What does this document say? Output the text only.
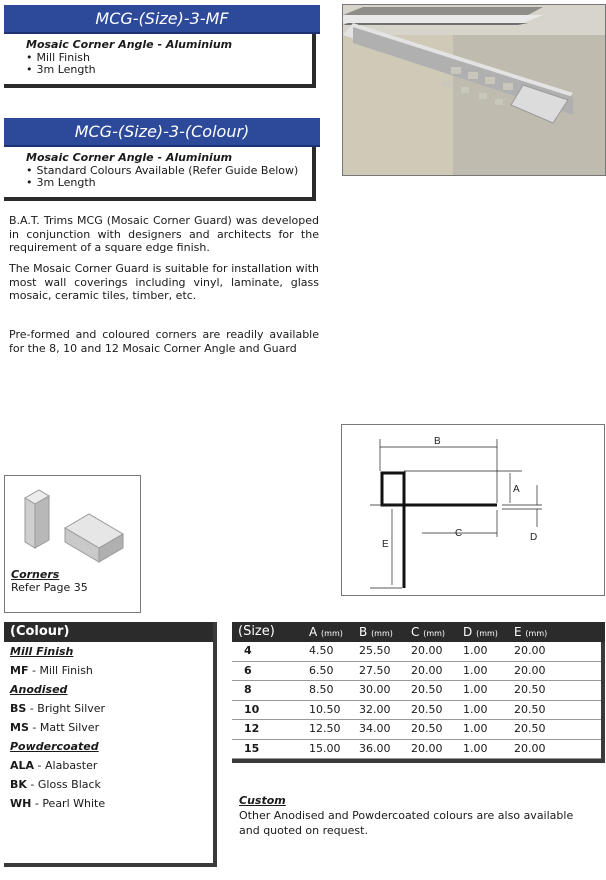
MCG-(Size)-3-MF
Mosaic Corner Angle - Aluminium
• Mill Finish
• 3m Length
MCG-(Size)-3-(Colour)
Mosaic Corner Angle - Aluminium
• Standard Colours Available (Refer Guide Below)
• 3m Length

B.A.T. Trims MCG (Mosaic Corner Guard) was developed in conjunction with designers and architects for the requirement of a square edge finish.

The Mosaic Corner Guard is suitable for installation with most wall coverings including vinyl, laminate, glass mosaic, ceramic tiles, timber, etc.

Pre-formed and coloured corners are readily available for the 8, 10 and 12 Mosaic Corner Angle and Guard

B
A
C	D
E
Corners
Refer Page 35
(Colour)
Mill Finish
MF - Mill Finish
Anodised
BS - Bright Silver
MS - Matt Silver
Powdercoated
ALA - Alabaster
BK - Gloss Black
WH - Pearl White
(Size)	A (mm)	B (mm)	C (mm)	D (mm)	E (mm)
4	4.50	25.50	20.00	1.00	20.00
6	6.50	27.50	20.00	1.00	20.00
8	8.50	30.00	20.50	1.00	20.50
10	10.50	32.00	20.50	1.00	20.50
12	12.50	34.00	20.50	1.00	20.50
15	15.00	36.00	20.00	1.00	20.00
Custom
Other Anodised and Powdercoated colours are also available and quoted on request.
